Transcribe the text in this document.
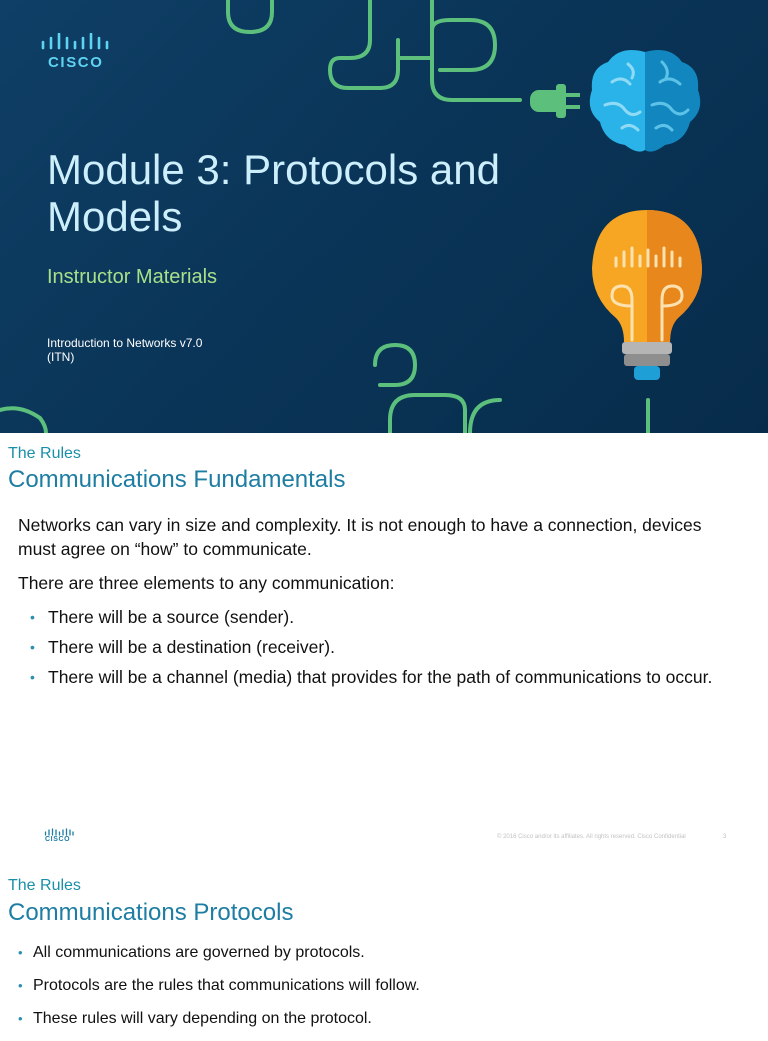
CISCO
Module 3: Protocols and Models
Instructor Materials
Introduction to Networks v7.0
(ITN)
The Rules
Communications Fundamentals

Networks can vary in size and complexity. It is not enough to have a connection, devices must agree on “how” to communicate.

There are three elements to any communication:

• There will be a source (sender).
• There will be a destination (receiver).
• There will be a channel (media) that provides for the path of communications to occur.
CISCO	© 2016 Cisco and/or its affiliates. All rights reserved. Cisco Confidential	3
The Rules
Communications Protocols
• All communications are governed by protocols.
• Protocols are the rules that communications will follow.
• These rules will vary depending on the protocol.
